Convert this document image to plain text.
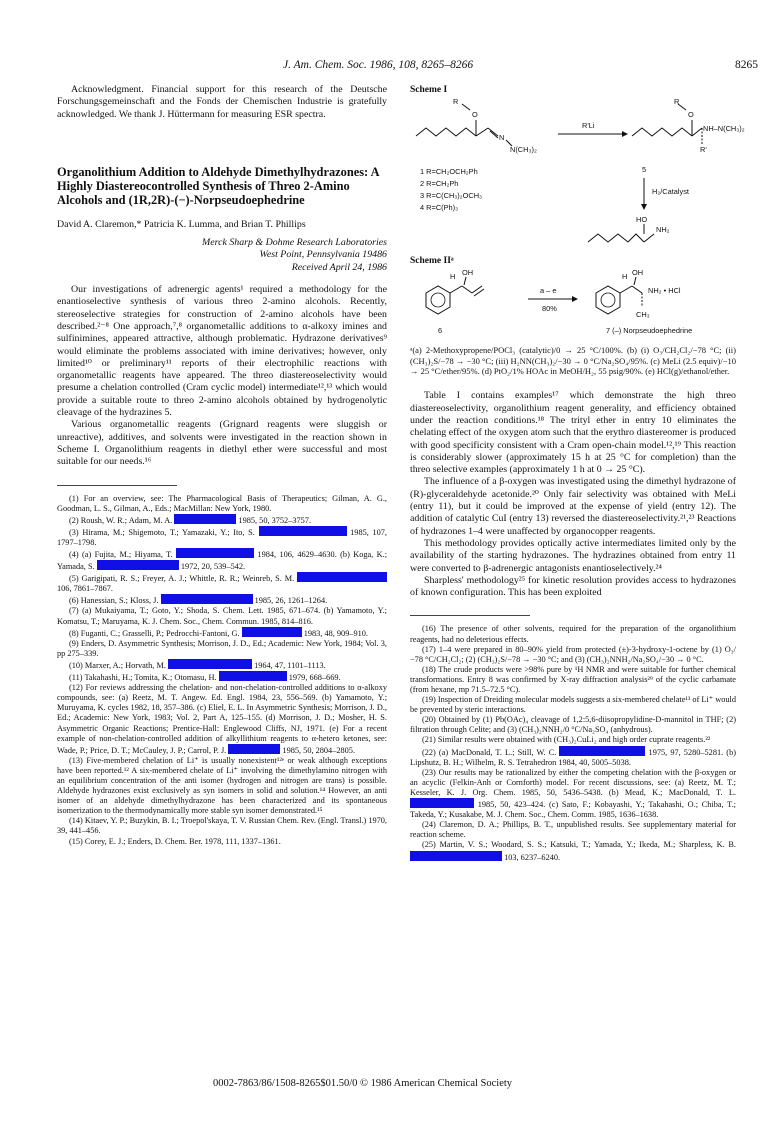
J. Am. Chem. Soc. 1986, 108, 8265–8266	8265

Acknowledgment. Financial support for this research of the Deutsche Forschungsgemeinschaft and the Fonds der Chemischen Industrie is gratefully acknowledged. We thank J. Hüttermann for measuring ESR spectra.

Organolithium Addition to Aldehyde Dimethylhydrazones: A Highly Diastereocontrolled Synthesis of Threo 2-Amino Alcohols and (1R,2R)-(−)-Norpseudoephedrine

David A. Claremon,* Patricia K. Lumma, and Brian T. Phillips

Merck Sharp & Dohme Research Laboratories
West Point, Pennsylvania 19486
Received April 24, 1986

Our investigations of adrenergic agents¹ required a methodology for the enantioselective synthesis of various threo 2-amino alcohols. Recently, stereoselective strategies for construction of 2-amino alcohols have been described.²⁻⁸ One approach,⁷,⁸ organometallic additions to α-alkoxy imines and sulfinimines, appeared attractive, although problematic. Hydrazone derivatives⁹ would eliminate the problems associated with imine derivatives; however, only limited¹⁰ or preliminary¹¹ reports of their electrophilic reactions with organometallic reagents have appeared. The threo diastereoselectivity would presume a chelation controlled (Cram cyclic model) intermediate¹²,¹³ which would provide a suitable route to threo 2-amino alcohols obtained by hydrogenolytic cleavage of the hydrazines 5.

Various organometallic reagents (Grignard reagents were sluggish or unreactive), additives, and solvents were investigated in the reaction shown in Scheme I. Organolithium reagents in diethyl ether were successful and most suitable for our needs.¹⁶

(1) For an overview, see: The Pharmacological Basis of Therapeutics; Gilman, A. G., Goodman, L. S., Gilman, A., Eds.; MacMillan: New York, 1980.

(2) Roush, W. R.; Adam, M. A.	1985, 50, 3752–3757.

(3) Hirama, M.; Shigemoto, T.; Yamazaki, Y.; Ito, S.	1985, 107, 1797–1798.

(4) (a) Fujita, M.; Hiyama, T.	1984, 106, 4629–4630. (b) Koga, K.; Yamada, S.	1972, 20, 539–542.

(5) Garigipati, R. S.; Freyer, A. J.; Whittle, R. R.; Weinreb, S. M.  106, 7861–7867.

(6) Hanessian, S.; Kloss, J.	1985, 26, 1261–1264.

(7) (a) Mukaiyama, T.; Goto, Y.; Shoda, S. Chem. Lett. 1985, 671–674. (b) Yamamoto, Y.; Komatsu, T.; Maruyama, K. J. Chem. Soc., Chem. Commun. 1985, 814–816.

(8) Fuganti, C.; Grasselli, P.; Pedrocchi-Fantoni, G.	1983, 48, 909–910.

(9) Enders, D. Asymmetric Synthesis; Morrison, J. D., Ed.; Academic: New York, 1984; Vol. 3, pp 275–339.

(10) Marxer, A.; Horvath, M.	1964, 47, 1101–1113.

(11) Takahashi, H.; Tomita, K.; Otomasu, H.	1979, 668–669.

(12) For reviews addressing the chelation- and non-chelation-controlled additions to α-alkoxy compounds, see: (a) Reetz, M. T. Angew. Ed. Engl. 1984, 23, 556–569. (b) Yamamoto, Y.; Muruyama, K. cycles 1982, 18, 357–386. (c) Eliel, E. L. In Asymmetric Synthesis; Morrison, J. D., Ed.; Academic: New York, 1983; Vol. 2, Part A, 125–155. (d) Morrison, J. D.; Mosher, H. S. Asymmetric Organic Reactions; Prentice-Hall: Englewood Cliffs, NJ, 1971. (e) For a recent example of non-chelation-controlled addition of alkyllithium reagents to α-hetero ketones, see: Wade, P.; Price, D. T.; McCauley, J. P.; Carrol, P. J.	1985, 50, 2804–2805.

(13) Five-membered chelation of Li⁺ is usually nonexistent¹²ᵉ or weak although exceptions have been reported.¹² A six-membered chelate of Li⁺ involving the dimethylamino nitrogen with an equilibrium concentration of the anti isomer (hydrogen and nitrogen are trans) is possible. Aldehyde hydrazones exist exclusively as syn isomers in solid and solution.¹⁴ However, an anti isomer of an aldehyde dimethylhydrazone has been characterized and its spontaneous isomerization to the thermodynamically more stable syn isomer demonstrated.¹⁵

(14) Kitaev, Y. P.; Buzykin, B. I.; Troepol'skaya, T. V. Russian Chem. Rev. (Engl. Transl.) 1970, 39, 441–456.

(15) Corey, E. J.; Enders, D. Chem. Ber. 1978, 111, 1337–1361.

Scheme I

O
R
N
N(CH₃)₂
R'Li
O
R
NH–N(CH₃)₂
R'
1 R=CH₂OCH₂Ph
2 R=CH₂Ph
3 R=C(CH₃)₂OCH₃
4 R=C(Ph)₃
5
H₂/Catalyst
HO
NH₂

Scheme IIᵃ

H OH
6
a – e
80%
H OH
NH₂ • HCl
CH₃
7 (–) Norpseudoephedrine

ᵃ(a) 2-Methoxypropene/POCl₃ (catalytic)/0 → 25 °C/100%. (b) (i) O₃/CH₂Cl₂/−78 °C; (ii) (CH₃)₂S/−78 → −30 °C; (iii) H₂NN(CH₃)₂/−30 → 0 °C/Na₂SO₄/95%. (c) MeLi (2.5 equiv)/−10 → 25 °C/ether/95%. (d) PtO₂/1% HOAc in MeOH/H₂, 55 psig/90%. (e) HCl(g)/ethanol/ether.

Table I contains examples¹⁷ which demonstrate the high threo diastereoselectivity, organolithium reagent generality, and efficiency obtained under the reaction conditions.¹⁸ The trityl ether in entry 10 eliminates the chelating effect of the oxygen atom such that the erythro diastereomer is produced with good specificity consistent with a Cram open-chain model.¹²,¹⁹ This reaction is considerably slower (approximately 15 h at 25 °C for completion) than the threo selective examples (approximately 1 h at 0 → 25 °C).

The influence of a β-oxygen was investigated using the dimethyl hydrazone of (R)-glyceraldehyde acetonide.²⁰ Only fair selectivity was obtained with MeLi (entry 11), but it could be improved at the expense of yield (entry 12). The addition of catalytic CuI (entry 13) reversed the diastereoselectivity.²¹,²³ Reactions of hydrazones 1–4 were unaffected by organocopper reagents.

This methodology provides optically active intermediates limited only by the availability of the starting hydrazones. The hydrazines obtained from entry 11 were converted to β-adrenergic antagonists enantioselectively.²⁴

Sharpless' methodology²⁵ for kinetic resolution provides access to hydrazones of known configuration. This has been exploited

(16) The presence of other solvents, required for the preparation of the organolithium reagents, had no deleterious effects.

(17) 1–4 were prepared in 80–90% yield from protected (±)-3-hydroxy-1-octene by (1) O₃/−78 °C/CH₂Cl₂; (2) (CH₃)₂S/−78 → −30 °C; and (3) (CH₃)₂NNH₂/Na₂SO₄/−30 → 0 °C.

(18) The crude products were >98% pure by ¹H NMR and were suitable for further chemical transformations. Entry 8 was confirmed by X-ray diffraction analysis²⁹ of the cyclic carbamate (from hexane, mp 71.5–72.5 °C).

(19) Inspection of Dreiding molecular models suggests a six-membered chelate¹³ of Li⁺ would be prevented by steric interactions.

(20) Obtained by (1) Pb(OAc)₄ cleavage of 1,2:5,6-diisopropylidine-D-mannitol in THF; (2) filtration through Celite; and (3) (CH₃)₂NNH₂/0 °C/Na₂SO₄ (anhydrous).

(21) Similar results were obtained with (CH₃)₂CuLi₂ and high order cuprate reagents.²²

(22) (a) MacDonald, T. L.; Still, W. C.	1975, 97, 5280–5281. (b) Lipshutz, B. H.; Wilhelm, R. S. Tetrahedron 1984, 40, 5005–5038.

(23) Our results may be rationalized by either the competing chelation with the β-oxygen or an acyclic (Felkin-Anh or Cornforth) model. For recent discussions, see: (a) Reetz, M. T.; Kesseler, K. J. Org. Chem. 1985, 50, 5436–5438. (b) Mead, K.; MacDonald, T. L.  1985, 50, 423–424. (c) Sato, F.; Kobayashi, Y.; Takahashi, O.; Chiba, T.; Takeda, Y.; Kusakabe, M. J. Chem. Soc., Chem. Comm. 1985, 1636–1638.

(24) Claremon, D. A.; Phillips, B. T., unpublished results. See supplementary material for reaction scheme.

(25) Martin, V. S.; Woodard, S. S.; Katsuki, T.; Yamada, Y.; Ikeda, M.; Sharpless, K. B.  103, 6237–6240.

0002-7863/86/1508-8265$01.50/0 © 1986 American Chemical Society
